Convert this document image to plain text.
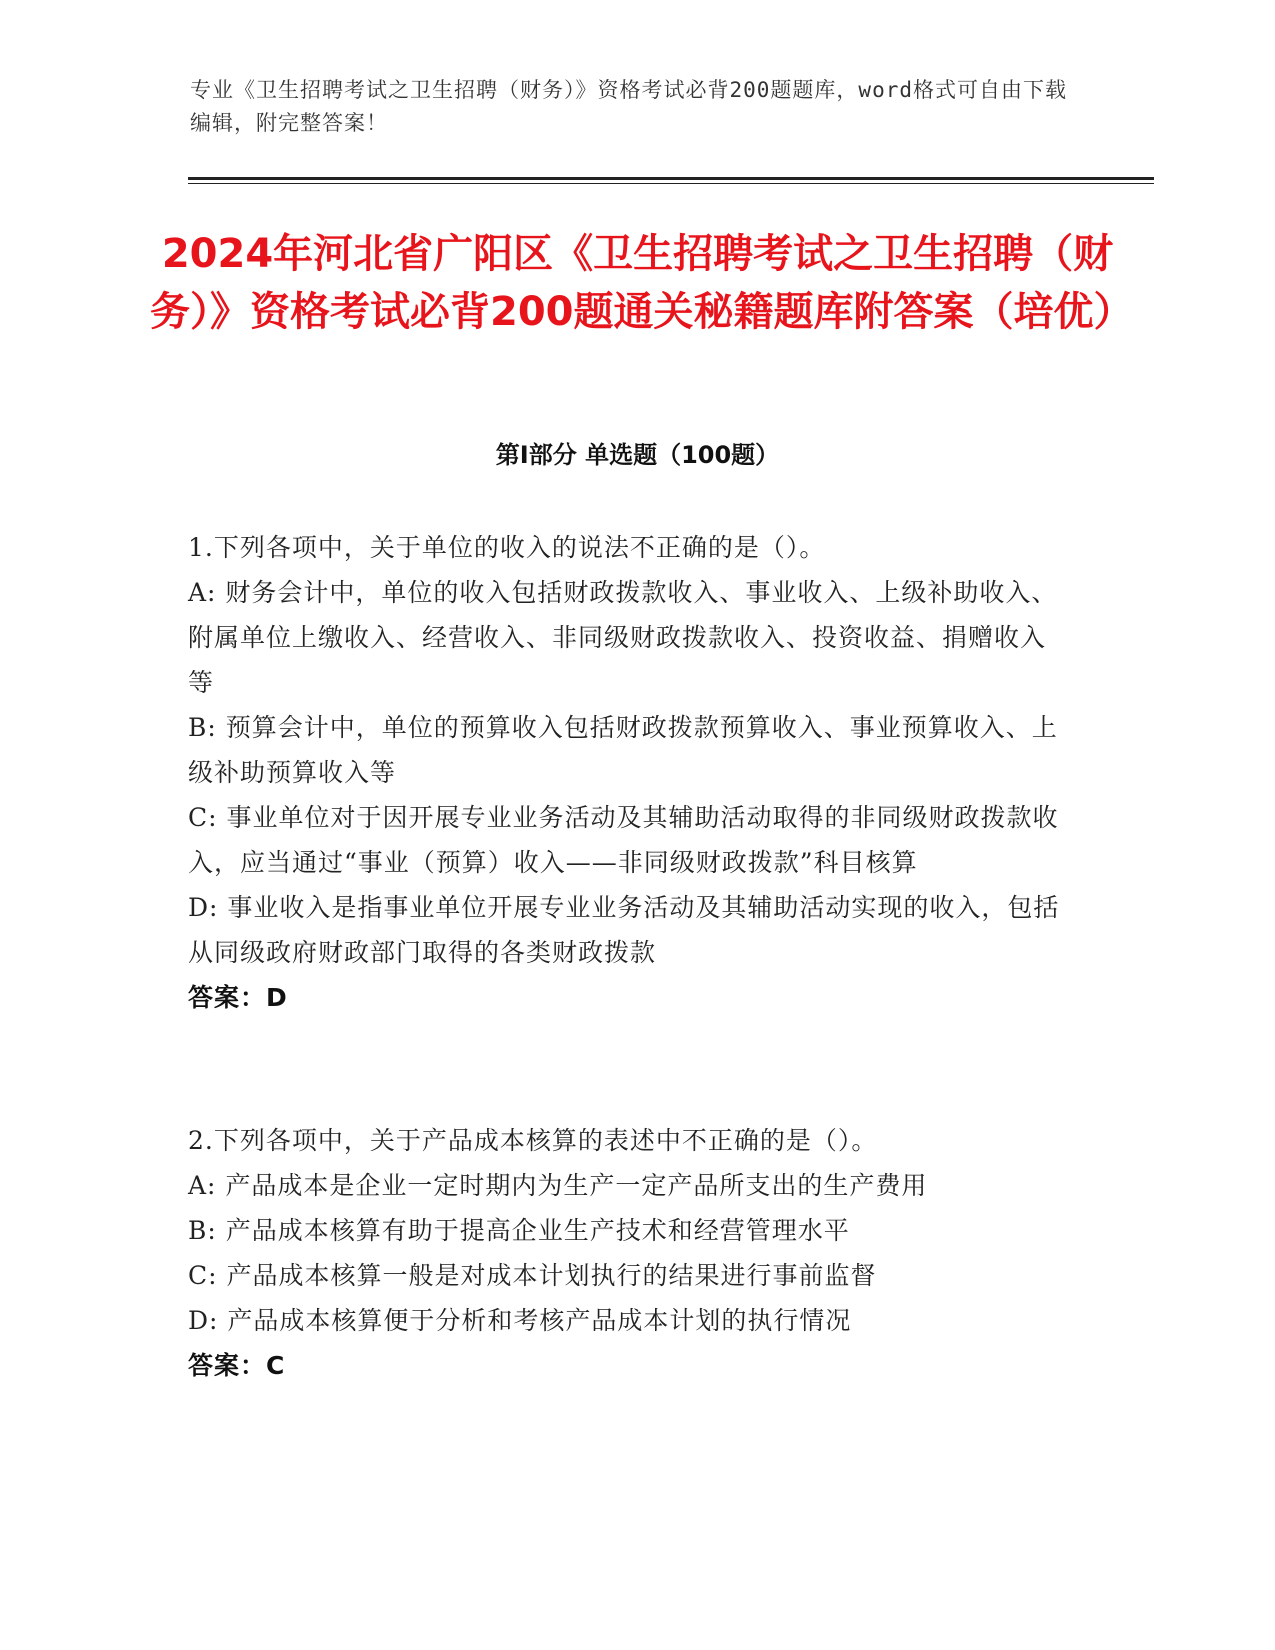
专业《卫生招聘考试之卫生招聘（财务）》资格考试必背200题题库，word格式可自由下载编辑，附完整答案！
2024年河北省广阳区《卫生招聘考试之卫生招聘（财务）》资格考试必背200题通关秘籍题库附答案（培优）
第Ⅰ部分 单选题（100题）
1.下列各项中，关于单位的收入的说法不正确的是（）。
A: 财务会计中，单位的收入包括财政拨款收入、事业收入、上级补助收入、附属单位上缴收入、经营收入、非同级财政拨款收入、投资收益、捐赠收入等
B: 预算会计中，单位的预算收入包括财政拨款预算收入、事业预算收入、上级补助预算收入等
C: 事业单位对于因开展专业业务活动及其辅助活动取得的非同级财政拨款收入，应当通过“事业（预算）收入——非同级财政拨款”科目核算
D: 事业收入是指事业单位开展专业业务活动及其辅助活动实现的收入，包括从同级政府财政部门取得的各类财政拨款
答案：D
2.下列各项中，关于产品成本核算的表述中不正确的是（）。
A: 产品成本是企业一定时期内为生产一定产品所支出的生产费用
B: 产品成本核算有助于提高企业生产技术和经营管理水平
C: 产品成本核算一般是对成本计划执行的结果进行事前监督
D: 产品成本核算便于分析和考核产品成本计划的执行情况
答案：C
